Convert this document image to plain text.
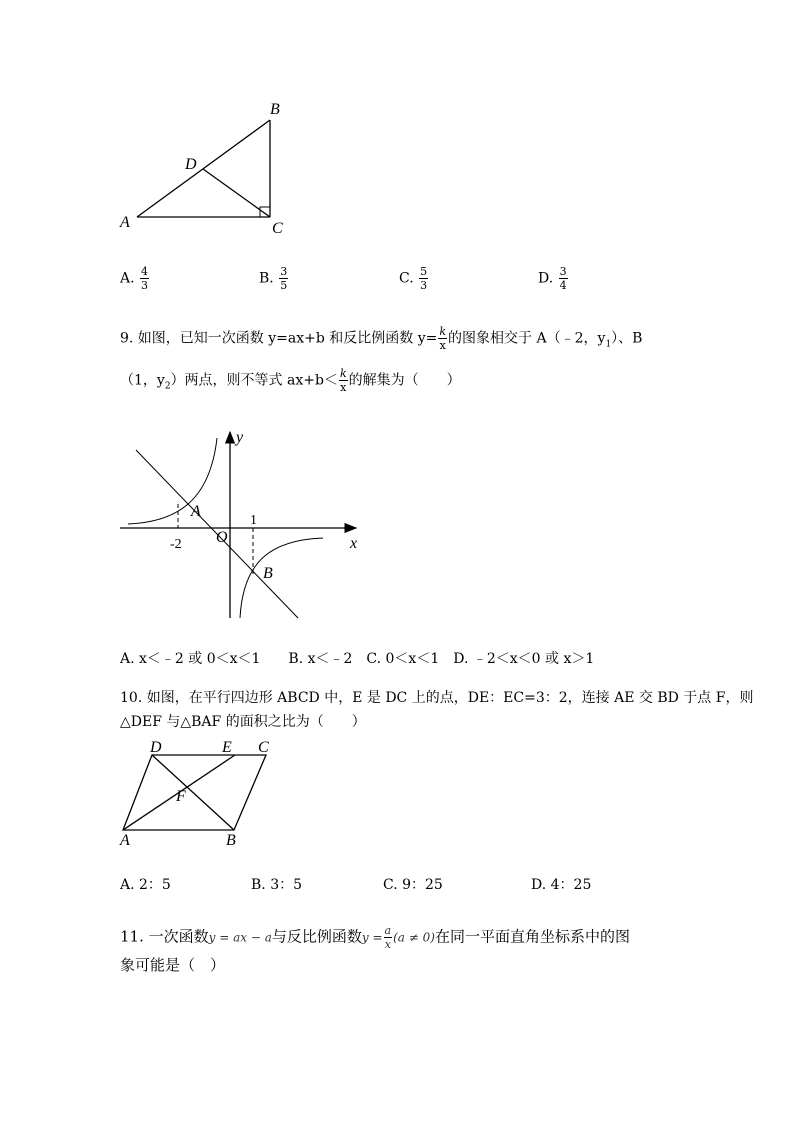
B
D
A	C
A. $\frac{4}{3}$	B. $\frac{3}{5}$	C. $\frac{5}{3}$	D. $\frac{3}{4}$
9. 如图，已知一次函数 y=ax+b 和反比例函数 $y= \frac{k}{x}$ 的图象相交于 A（﹣2，$y_1$）、B
（1，$y_2$）两点，则不等式 $ax+b< \frac{k}{x}$ 的解集为（　　）
y
x
A
B
O
-2
1
A. x＜﹣2 或 0＜x＜1　　B. x＜﹣2　C. 0＜x＜1　D. ﹣2＜x＜0 或 x＞1
10. 如图，在平行四边形 ABCD 中，E 是 DC 上的点，DE：EC=3：2，连接 AE 交 BD 于点 F，则
△DEF 与△BAF 的面积之比为（　　）
D	E C
F
A	B
A. 2：5	B. 3：5	C. 9：25	D. 4：25
11. 一次函数y = ax − a与反比例函数$y = \frac{a}{x} (a \ne 0)$在同一平面直角坐标系中的图
象可能是（　）
